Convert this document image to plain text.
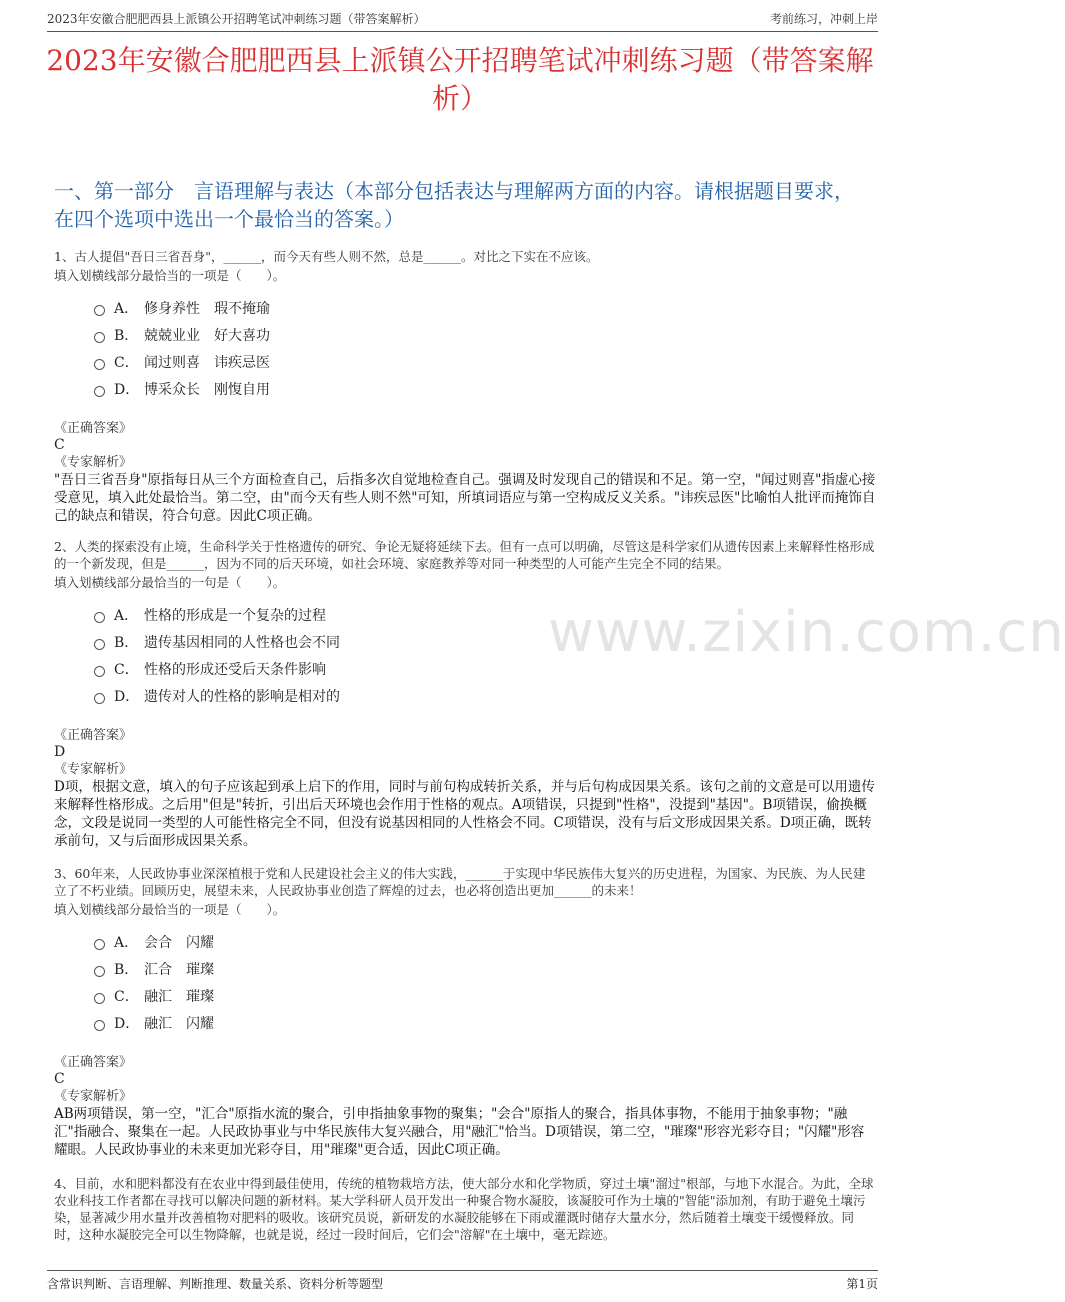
2023年安徽合肥肥西县上派镇公开招聘笔试冲刺练习题（带答案解析）	考前练习，冲刺上岸
2023年安徽合肥肥西县上派镇公开招聘笔试冲刺练习题（带答案解析）
一、第一部分　言语理解与表达（本部分包括表达与理解两方面的内容。请根据题目要求，在四个选项中选出一个最恰当的答案。）
www.zixin.com.cn

1、古人提倡"吾日三省吾身"，______，而今天有些人则不然，总是______。对比之下实在不应该。

填入划横线部分最恰当的一项是（　　）。

A． 修身养性　瑕不掩瑜
B． 兢兢业业　好大喜功
C． 闻过则喜　讳疾忌医
D． 博采众长　刚愎自用

《正确答案》

C

《专家解析》

"吾日三省吾身"原指每日从三个方面检查自己，后指多次自觉地检查自己。强调及时发现自己的错误和不足。第一空，"闻过则喜"指虚心接受意见，填入此处最恰当。第二空，由"而今天有些人则不然"可知，所填词语应与第一空构成反义关系。"讳疾忌医"比喻怕人批评而掩饰自己的缺点和错误，符合句意。因此C项正确。

2、人类的探索没有止境，生命科学关于性格遗传的研究、争论无疑将延续下去。但有一点可以明确，尽管这是科学家们从遗传因素上来解释性格形成的一个新发现，但是______，因为不同的后天环境，如社会环境、家庭教养等对同一种类型的人可能产生完全不同的结果。

填入划横线部分最恰当的一句是（　　）。

A． 性格的形成是一个复杂的过程
B． 遗传基因相同的人性格也会不同
C． 性格的形成还受后天条件影响
D． 遗传对人的性格的影响是相对的

《正确答案》

D

《专家解析》

D项，根据文意，填入的句子应该起到承上启下的作用，同时与前句构成转折关系，并与后句构成因果关系。该句之前的文意是可以用遗传来解释性格形成。之后用"但是"转折，引出后天环境也会作用于性格的观点。A项错误，只提到"性格"，没提到"基因"。B项错误，偷换概念，文段是说同一类型的人可能性格完全不同，但没有说基因相同的人性格会不同。C项错误，没有与后文形成因果关系。D项正确，既转承前句，又与后面形成因果关系。

3、60年来，人民政协事业深深植根于党和人民建设社会主义的伟大实践，______于实现中华民族伟大复兴的历史进程，为国家、为民族、为人民建立了不朽业绩。回顾历史，展望未来，人民政协事业创造了辉煌的过去，也必将创造出更加______的未来！

填入划横线部分最恰当的一项是（　　）。

A． 会合　闪耀
B． 汇合　璀璨
C． 融汇　璀璨
D． 融汇　闪耀

《正确答案》

C

《专家解析》

AB两项错误，第一空，"汇合"原指水流的聚合，引申指抽象事物的聚集；"会合"原指人的聚合，指具体事物，不能用于抽象事物；"融汇"指融合、聚集在一起。人民政协事业与中华民族伟大复兴融合，用"融汇"恰当。D项错误，第二空，"璀璨"形容光彩夺目；"闪耀"形容耀眼。人民政协事业的未来更加光彩夺目，用"璀璨"更合适，因此C项正确。

4、目前，水和肥料都没有在农业中得到最佳使用，传统的植物栽培方法，使大部分水和化学物质，穿过土壤"溜过"根部，与地下水混合。为此，全球农业科技工作者都在寻找可以解决问题的新材料。某大学科研人员开发出一种聚合物水凝胶，该凝胶可作为土壤的"智能"添加剂，有助于避免土壤污染，显著减少用水量并改善植物对肥料的吸收。该研究员说，新研发的水凝胶能够在下雨或灌溉时储存大量水分，然后随着土壤变干缓慢释放。同时，这种水凝胶完全可以生物降解，也就是说，经过一段时间后，它们会"溶解"在土壤中，毫无踪迹。

含常识判断、言语理解、判断推理、数量关系、资料分析等题型	第1页
